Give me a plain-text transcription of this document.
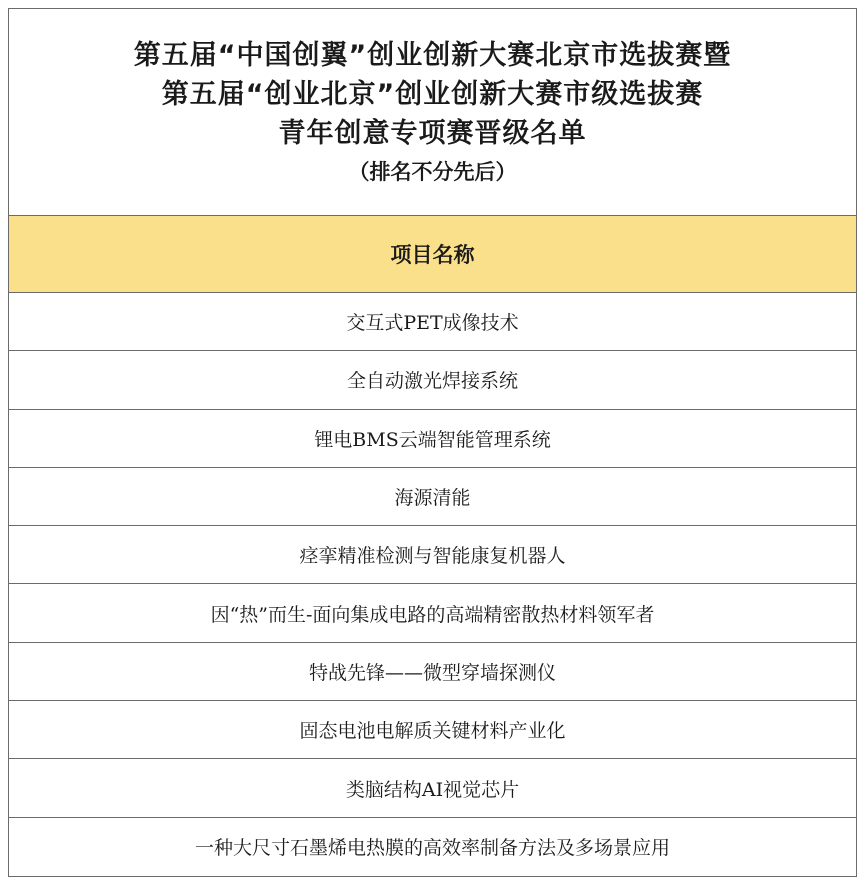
第五届“中国创翼”创业创新大赛北京市选拔赛暨
第五届“创业北京”创业创新大赛市级选拔赛
青年创意专项赛晋级名单
（排名不分先后）
项目名称
交互式PET成像技术
全自动激光焊接系统
锂电BMS云端智能管理系统
海源清能
痉挛精准检测与智能康复机器人
因“热”而生-面向集成电路的高端精密散热材料领军者
特战先锋——微型穿墙探测仪
固态电池电解质关键材料产业化
类脑结构AI视觉芯片
一种大尺寸石墨烯电热膜的高效率制备方法及多场景应用
